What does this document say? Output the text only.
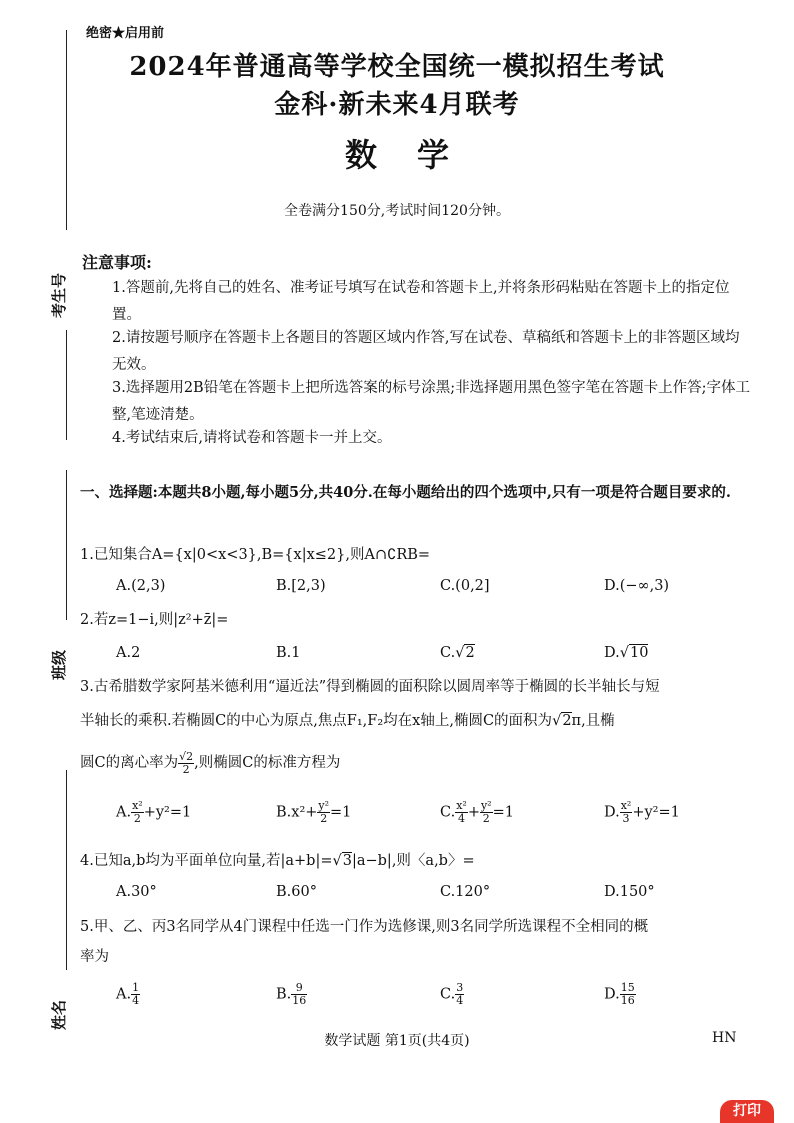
考生号
班级
姓名
绝密★启用前
2024年普通高等学校全国统一模拟招生考试
金科·新未来4月联考
数学
全卷满分150分,考试时间120分钟。
注意事项:
1.答题前,先将自己的姓名、准考证号填写在试卷和答题卡上,并将条形码粘贴在答题卡上的指定位置。
2.请按题号顺序在答题卡上各题目的答题区域内作答,写在试卷、草稿纸和答题卡上的非答题区域均无效。
3.选择题用2B铅笔在答题卡上把所选答案的标号涂黑;非选择题用黑色签字笔在答题卡上作答;字体工整,笔迹清楚。
4.考试结束后,请将试卷和答题卡一并上交。
一、选择题:本题共8小题,每小题5分,共40分.在每小题给出的四个选项中,只有一项是符合题目要求的.
1.已知集合A={x|0<x<3},B={x|x≤2},则A∩∁RB=
A.(2,3)	B.[2,3)	C.(0,2]	D.(−∞,3)
2.若z=1−i,则|z²+z̄|=
A.2	B.1	C.√2	D.√10
3.古希腊数学家阿基米德利用“逼近法”得到椭圆的面积除以圆周率等于椭圆的长半轴长与短
半轴长的乘积.若椭圆C的中心为原点,焦点F₁,F₂均在x轴上,椭圆C的面积为√2π,且椭
圆C的离心率为 $\frac{√2}{2}$ ,则椭圆C的标准方程为
A. $\frac{\text{x²}}{2} +y^2=1$	$B.x^2+ \frac{\text{y²}}{2} =1$	C. $\frac{\text{x²}}{4} + \frac{\text{y²}}{2} =1$	D. $\frac{\text{x²}}{3} +y^2=1$
4.已知a,b均为平面单位向量,若|a+b|=√3|a−b|,则〈a,b〉=
A.30°	B.60°	C.120°	D.150°
5.甲、乙、丙3名同学从4门课程中任选一门作为选修课,则3名同学所选课程不全相同的概
率为
A. $\frac{1}{4}$	B. $\frac{9}{16}$	C. $\frac{3}{4}$	D. $\frac{15}{16}$
数学试题 第1页(共4页)	HN
打印
